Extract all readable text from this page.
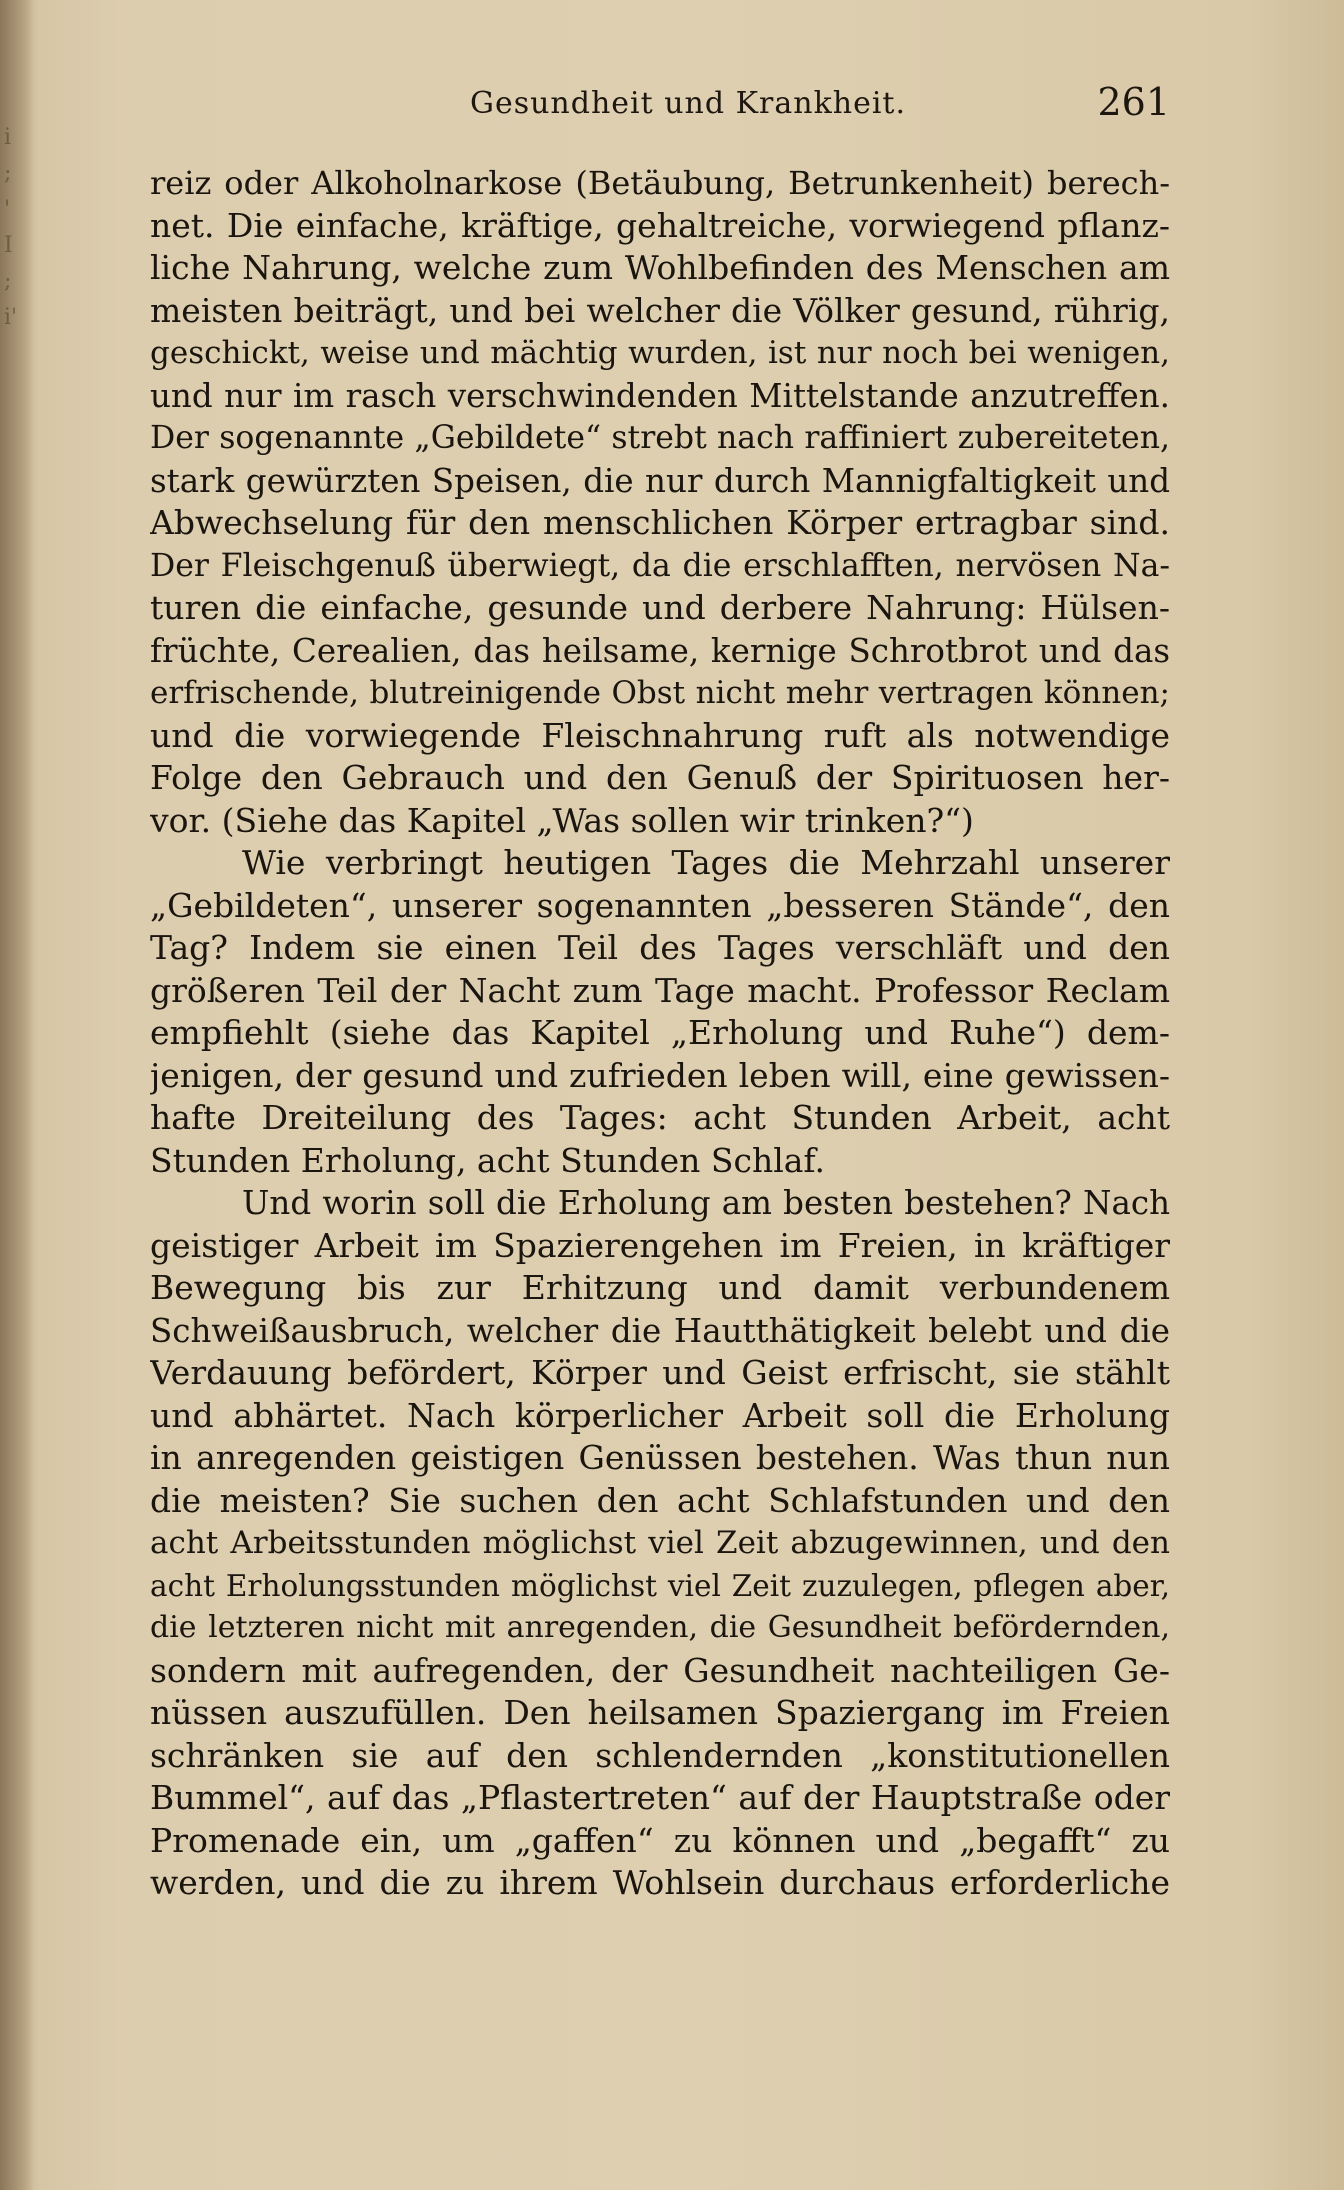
i ; ' I ; i'
Gesundheit und Krankheit.	261
reiz oder Alkoholnarkose (Betäubung, Betrunkenheit) berech-
net. Die einfache, kräftige, gehaltreiche, vorwiegend pflanz-
liche Nahrung, welche zum Wohlbefinden des Menschen am
meisten beiträgt, und bei welcher die Völker gesund, rührig,
geschickt, weise und mächtig wurden, ist nur noch bei wenigen,
und nur im rasch verschwindenden Mittelstande anzutreffen.
Der sogenannte „Gebildete“ strebt nach raffiniert zubereiteten,
stark gewürzten Speisen, die nur durch Mannigfaltigkeit und
Abwechselung für den menschlichen Körper ertragbar sind.
Der Fleischgenuß überwiegt, da die erschlafften, nervösen Na-
turen die einfache, gesunde und derbere Nahrung: Hülsen-
früchte, Cerealien, das heilsame, kernige Schrotbrot und das
erfrischende, blutreinigende Obst nicht mehr vertragen können;
und die vorwiegende Fleischnahrung ruft als notwendige
Folge den Gebrauch und den Genuß der Spirituosen her-
vor. (Siehe das Kapitel „Was sollen wir trinken?“)
Wie verbringt heutigen Tages die Mehrzahl unserer
„Gebildeten“, unserer sogenannten „besseren Stände“, den
Tag? Indem sie einen Teil des Tages verschläft und den
größeren Teil der Nacht zum Tage macht. Professor Reclam
empfiehlt (siehe das Kapitel „Erholung und Ruhe“) dem-
jenigen, der gesund und zufrieden leben will, eine gewissen-
hafte Dreiteilung des Tages: acht Stunden Arbeit, acht
Stunden Erholung, acht Stunden Schlaf.
Und worin soll die Erholung am besten bestehen? Nach
geistiger Arbeit im Spazierengehen im Freien, in kräftiger
Bewegung bis zur Erhitzung und damit verbundenem
Schweißausbruch, welcher die Hautthätigkeit belebt und die
Verdauung befördert, Körper und Geist erfrischt, sie stählt
und abhärtet. Nach körperlicher Arbeit soll die Erholung
in anregenden geistigen Genüssen bestehen. Was thun nun
die meisten? Sie suchen den acht Schlafstunden und den
acht Arbeitsstunden möglichst viel Zeit abzugewinnen, und den
acht Erholungsstunden möglichst viel Zeit zuzulegen, pflegen aber,
die letzteren nicht mit anregenden, die Gesundheit befördernden,
sondern mit aufregenden, der Gesundheit nachteiligen Ge-
nüssen auszufüllen. Den heilsamen Spaziergang im Freien
schränken sie auf den schlendernden „konstitutionellen
Bummel“, auf das „Pflastertreten“ auf der Hauptstraße oder
Promenade ein, um „gaffen“ zu können und „begafft“ zu
werden, und die zu ihrem Wohlsein durchaus erforderliche
